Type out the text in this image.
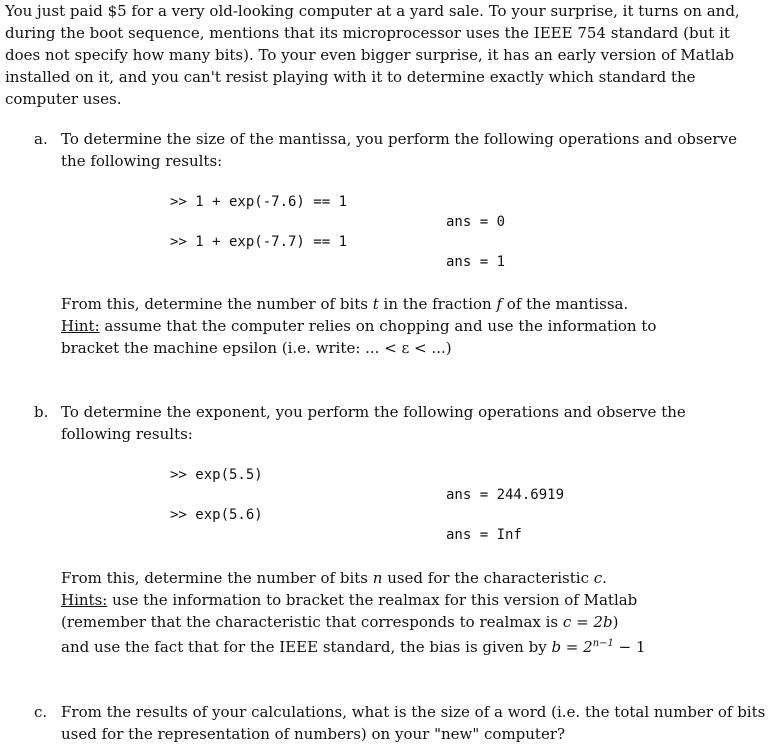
You just paid $5 for a very old-looking computer at a yard sale. To your surprise, it turns on and,
during the boot sequence, mentions that its microprocessor uses the IEEE 754 standard (but it
does not specify how many bits). To your even bigger surprise, it has an early version of Matlab
installed on it, and you can't resist playing with it to determine exactly which standard the
computer uses.
a. To determine the size of the mantissa, you perform the following operations and observe
the following results:
>> 1 + exp(-7.6) == 1
ans = 0
>> 1 + exp(-7.7) == 1
ans = 1
From this, determine the number of bits t in the fraction f of the mantissa.
Hint: assume that the computer relies on chopping and use the information to
bracket the machine epsilon (i.e. write: ... < ε < ...)
b. To determine the exponent, you perform the following operations and observe the
following results:
>> exp(5.5)
ans = 244.6919
>> exp(5.6)
ans = Inf
From this, determine the number of bits n used for the characteristic c.
Hints: use the information to bracket the realmax for this version of Matlab
(remember that the characteristic that corresponds to realmax is c = 2b)
and use the fact that for the IEEE standard, the bias is given by $b = 2^{n-1} - 1$
c. From the results of your calculations, what is the size of a word (i.e. the total number of bits
used for the representation of numbers) on your "new" computer?
